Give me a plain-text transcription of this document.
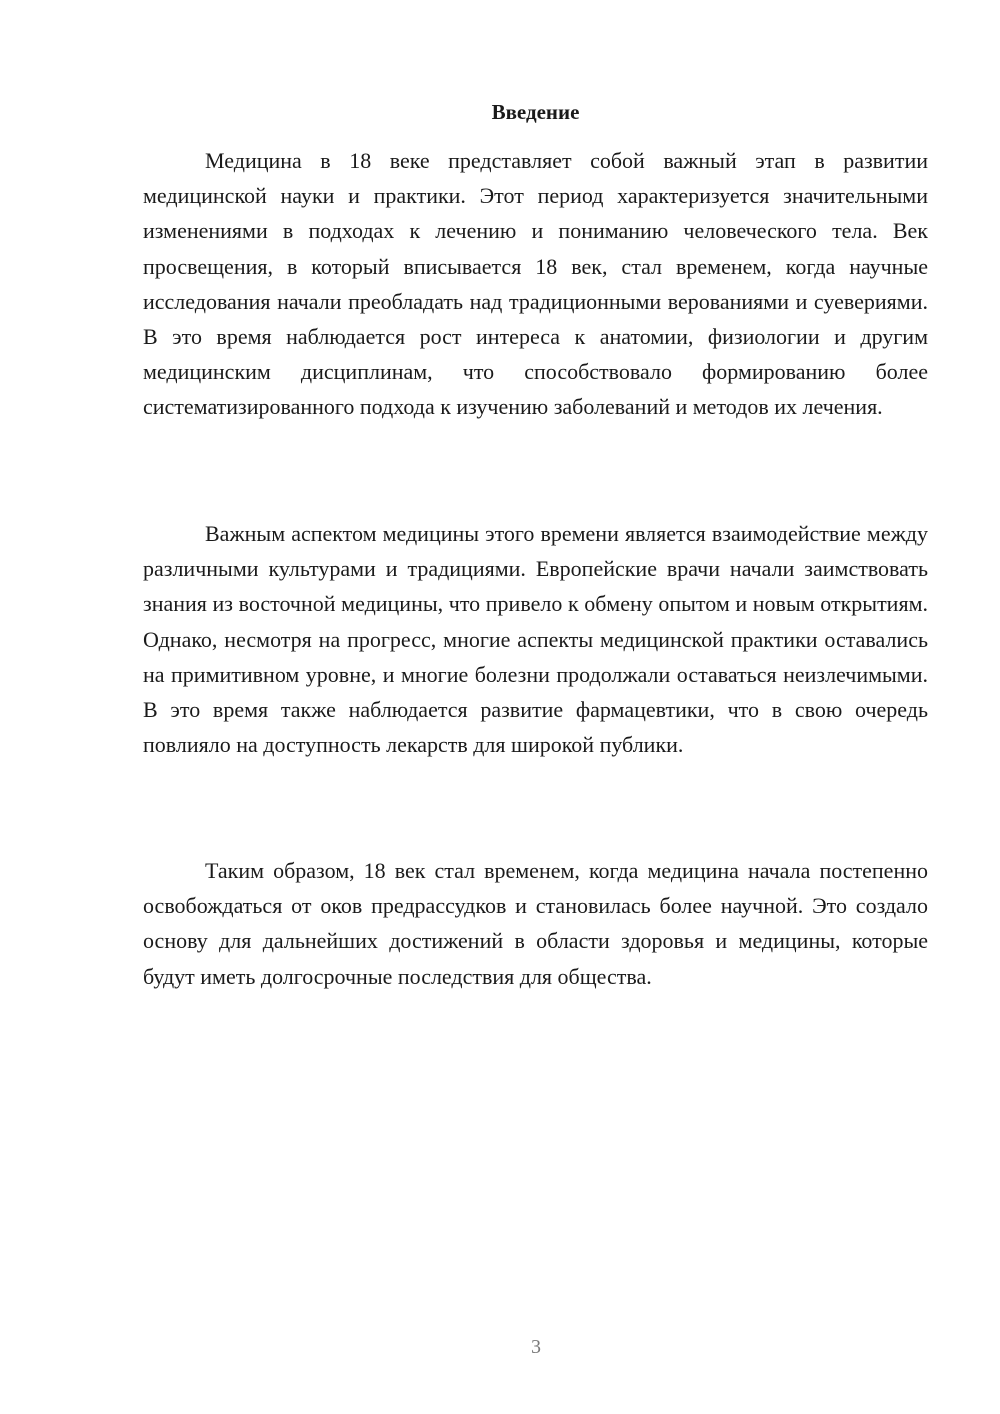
Введение

Медицина в 18 веке представляет собой важный этап в развитии медицинской науки и практики. Этот период характеризуется значительными изменениями в подходах к лечению и пониманию человеческого тела. Век просвещения, в который вписывается 18 век, стал временем, когда научные исследования начали преобладать над традиционными верованиями и суевериями. В это время наблюдается рост интереса к анатомии, физиологии и другим медицинским дисциплинам, что способствовало формированию более систематизированного подхода к изучению заболеваний и методов их лечения.

Важным аспектом медицины этого времени является взаимодействие между различными культурами и традициями. Европейские врачи начали заимствовать знания из восточной медицины, что привело к обмену опытом и новым открытиям. Однако, несмотря на прогресс, многие аспекты медицинской практики оставались на примитивном уровне, и многие болезни продолжали оставаться неизлечимыми. В это время также наблюдается развитие фармацевтики, что в свою очередь повлияло на доступность лекарств для широкой публики.

Таким образом, 18 век стал временем, когда медицина начала постепенно освобождаться от оков предрассудков и становилась более научной. Это создало основу для дальнейших достижений в области здоровья и медицины, которые будут иметь долгосрочные последствия для общества.

3
